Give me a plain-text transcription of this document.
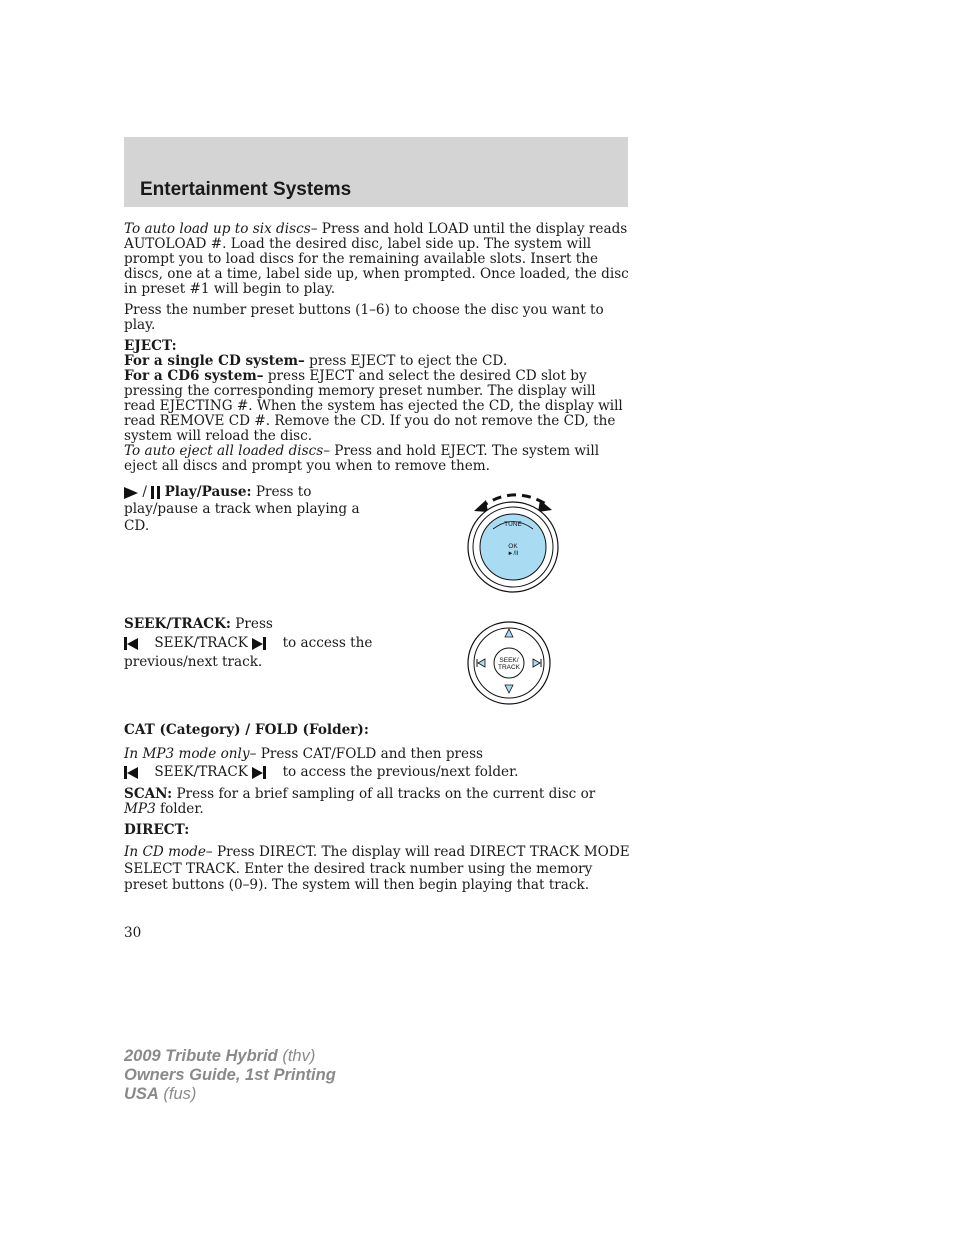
Entertainment Systems
To auto load up to six discs– Press and hold LOAD until the display reads AUTOLOAD #. Load the desired disc, label side up. The system will prompt you to load discs for the remaining available slots. Insert the discs, one at a time, label side up, when prompted. Once loaded, the disc in preset #1 will begin to play.
Press the number preset buttons (1–6) to choose the disc you want to play.
EJECT:
For a single CD system– press EJECT to eject the CD.
For a CD6 system– press EJECT and select the desired CD slot by pressing the corresponding memory preset number. The display will read EJECTING #. When the system has ejected the CD, the display will read REMOVE CD #. Remove the CD. If you do not remove the CD, the system will reload the disc.
To auto eject all loaded discs– Press and hold EJECT. The system will eject all discs and prompt you when to remove them.
/ Play/Pause: Press to
play/pause a track when playing a CD.	TUNE
OK
►/II
SEEK/TRACK: Press
SEEK/TRACK	to access the
previous/next track.	SEEK/
TRACK
CAT (Category) / FOLD (Folder):
In MP3 mode only– Press CAT/FOLD and then press
SEEK/TRACK	to access the previous/next folder.
SCAN: Press for a brief sampling of all tracks on the current disc or MP3 folder.
DIRECT:
In CD mode– Press DIRECT. The display will read DIRECT TRACK MODE SELECT TRACK. Enter the desired track number using the memory preset buttons (0–9). The system will then begin playing that track.
30
2009 Tribute Hybrid (thv)
Owners Guide, 1st Printing
USA (fus)
